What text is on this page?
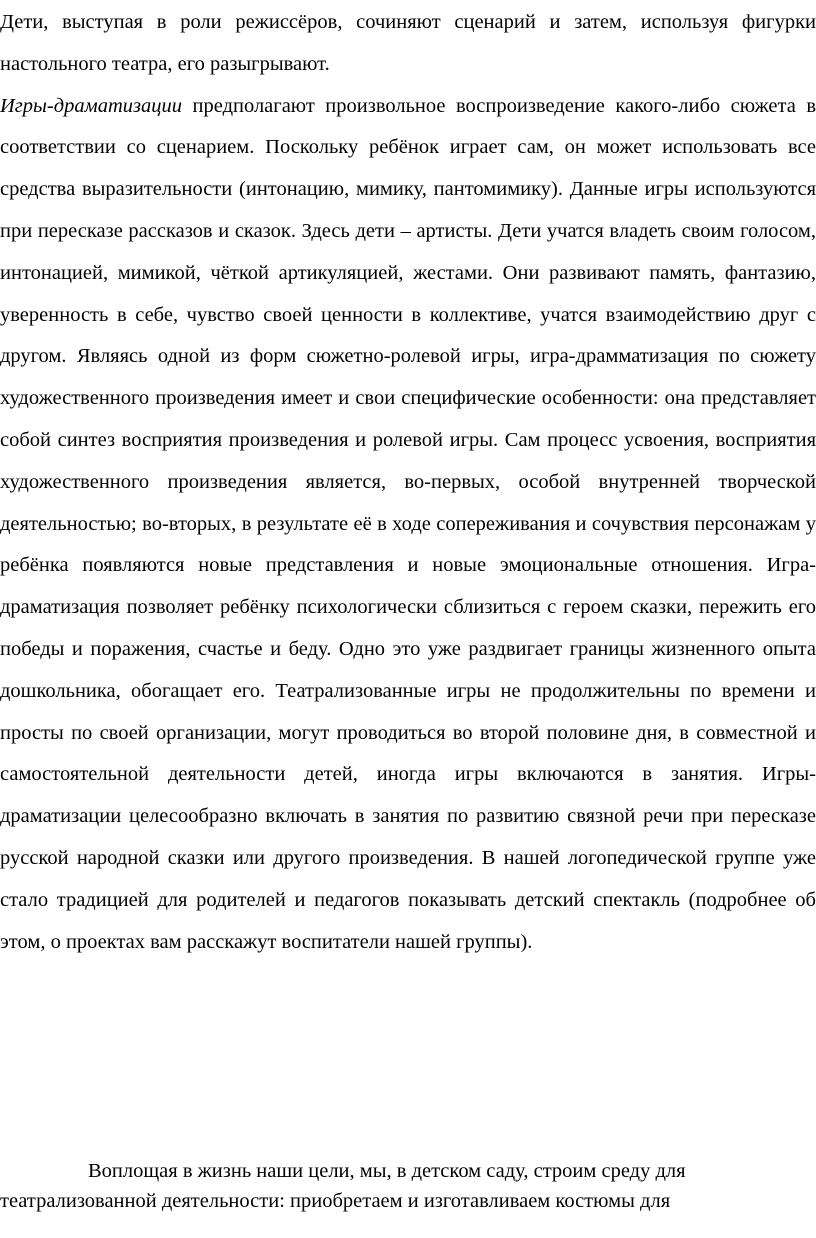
Дети, выступая в роли режиссёров, сочиняют сценарий и затем, используя фигурки настольного театра, его разыгрывают.
Игры-драматизации предполагают произвольное воспроизведение какого-либо сюжета в соответствии со сценарием. Поскольку ребёнок играет сам, он может использовать все средства выразительности (интонацию, мимику, пантомимику). Данные игры используются при пересказе рассказов и сказок. Здесь дети – артисты. Дети учатся владеть своим голосом, интонацией, мимикой, чёткой артикуляцией, жестами. Они развивают память, фантазию, уверенность в себе, чувство своей ценности в коллективе, учатся взаимодействию друг с другом. Являясь одной из форм сюжетно-ролевой игры, игра-драмматизация по сюжету художественного произведения имеет и свои специфические особенности: она представляет собой синтез восприятия произведения и ролевой игры. Сам процесс усвоения, восприятия художественного произведения является, во-первых, особой внутренней творческой деятельностью; во-вторых, в результате её в ходе сопереживания и сочувствия персонажам у ребёнка появляются новые представления и новые эмоциональные отношения. Игра-драматизация позволяет ребёнку психологически сблизиться с героем сказки, пережить его победы и поражения, счастье и беду. Одно это уже раздвигает границы жизненного опыта дошкольника, обогащает его. Театрализованные игры не продолжительны по времени и просты по своей организации, могут проводиться во второй половине дня, в совместной и самостоятельной деятельности детей, иногда игры включаются в занятия. Игры-драматизации целесообразно включать в занятия по развитию связной речи при пересказе русской народной сказки или другого произведения. В нашей логопедической группе уже стало традицией для родителей и педагогов показывать детский спектакль (подробнее об этом, о проектах вам расскажут воспитатели нашей группы).

Воплощая в жизнь наши цели, мы, в детском саду, строим среду для театрализованной деятельности: приобретаем и изготавливаем костюмы для
